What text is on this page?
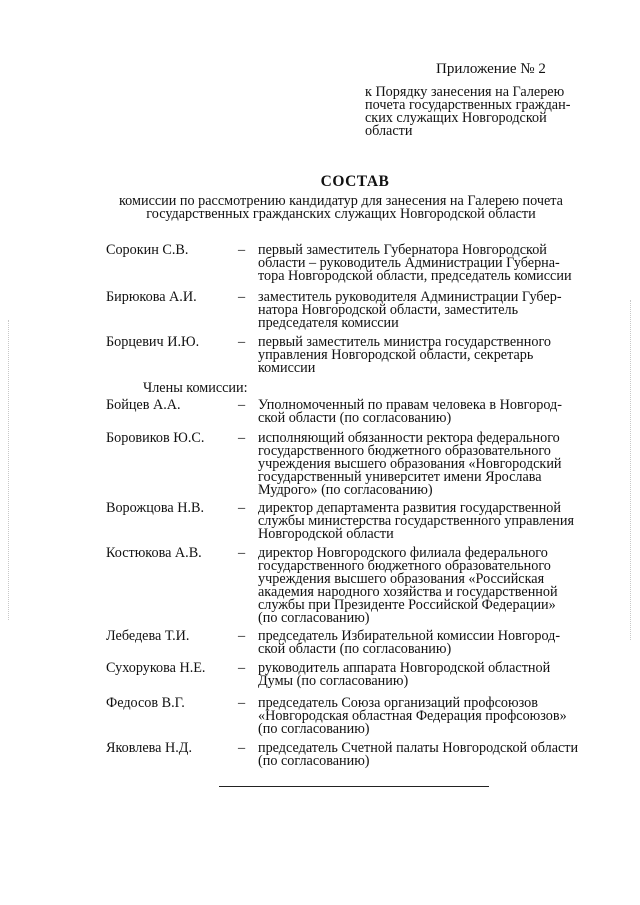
Приложение № 2
к Порядку занесения на Галерею
почета государственных граждан-
ских служащих Новгородской
области
СОСТАВ
комиссии по рассмотрению кандидатур для занесения на Галерею почета
государственных гражданских служащих Новгородской области
Сорокин С.В.	– первый заместитель Губернатора Новгородской
области – руководитель Администрации Губерна-
тора Новгородской области, председатель комиссии
Бирюкова А.И.	– заместитель руководителя Администрации Губер-
натора Новгородской области, заместитель
председателя комиссии
Борцевич И.Ю.	– первый заместитель министра государственного
управления Новгородской области, секретарь
комиссии
Члены комиссии:
Бойцев А.А.	– Уполномоченный по правам человека в Новгород-
ской области (по согласованию)
Боровиков Ю.С. – исполняющий обязанности ректора федерального
государственного бюджетного образовательного
учреждения высшего образования «Новгородский
государственный университет имени Ярослава
Мудрого» (по согласованию)
Ворожцова Н.В. – директор департамента развития государственной
службы министерства государственного управления
Новгородской области
Костюкова А.В.	– директор Новгородского филиала федерального
государственного бюджетного образовательного
учреждения высшего образования «Российская
академия народного хозяйства и государственной
службы при Президенте Российской Федерации»
(по согласованию)
Лебедева Т.И.	– председатель Избирательной комиссии Новгород-
ской области (по согласованию)
Сухорукова Н.Е. – руководитель аппарата Новгородской областной
Думы (по согласованию)
Федосов В.Г.	– председатель Союза организаций профсоюзов
«Новгородская областная Федерация профсоюзов»
(по согласованию)
Яковлева Н.Д.	– председатель Счетной палаты Новгородской области
(по согласованию)
